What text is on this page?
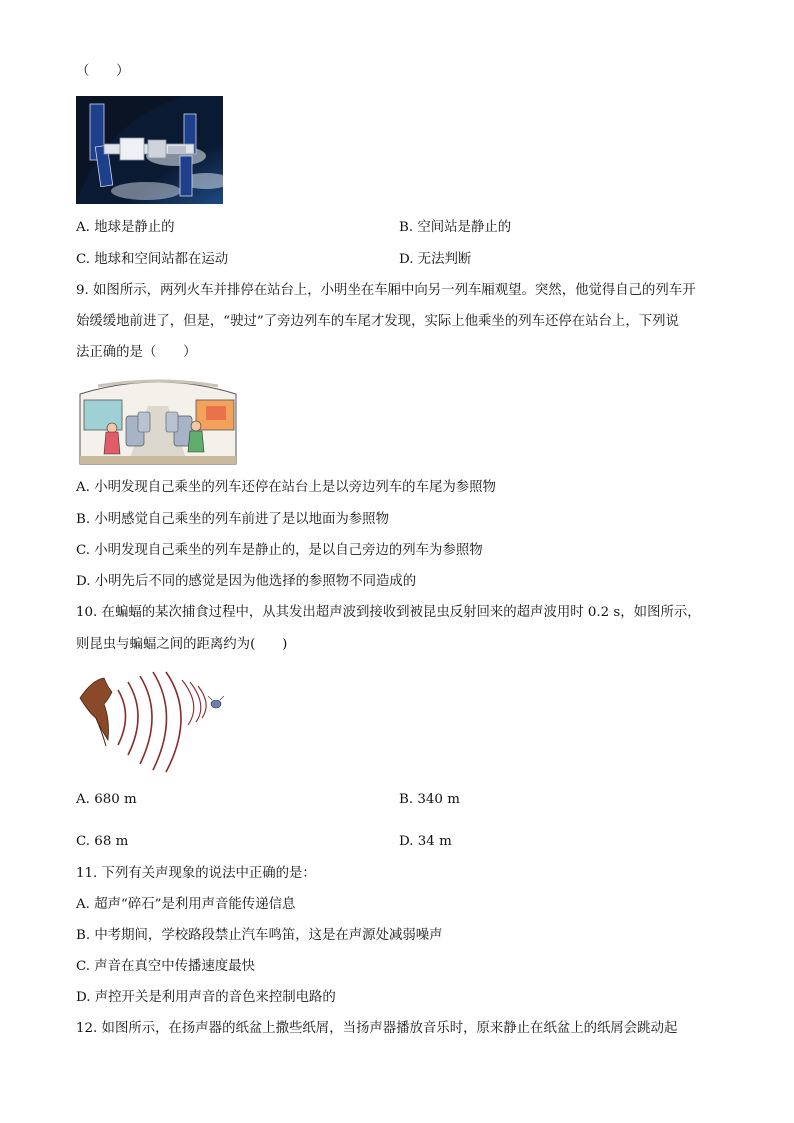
（　　）
A. 地球是静止的	B. 空间站是静止的
C. 地球和空间站都在运动	D. 无法判断
9. 如图所示，两列火车并排停在站台上，小明坐在车厢中向另一列车厢观望。突然，他觉得自己的列车开
始缓缓地前进了，但是，“驶过”了旁边列车的车尾才发现，实际上他乘坐的列车还停在站台上，下列说
法正确的是（　　）
A. 小明发现自己乘坐的列车还停在站台上是以旁边列车的车尾为参照物
B. 小明感觉自己乘坐的列车前进了是以地面为参照物
C. 小明发现自己乘坐的列车是静止的，是以自己旁边的列车为参照物
D. 小明先后不同的感觉是因为他选择的参照物不同造成的
10. 在蝙蝠的某次捕食过程中，从其发出超声波到接收到被昆虫反射回来的超声波用时 0.2 s，如图所示，
则昆虫与蝙蝠之间的距离约为(　　)
A. 680 m	B. 340 m
C. 68 m	D. 34 m
11. 下列有关声现象的说法中正确的是：
A. 超声“碎石”是利用声音能传递信息
B. 中考期间，学校路段禁止汽车鸣笛，这是在声源处减弱噪声
C. 声音在真空中传播速度最快
D. 声控开关是利用声音的音色来控制电路的
12. 如图所示，在扬声器的纸盆上撒些纸屑，当扬声器播放音乐时，原来静止在纸盆上的纸屑会跳动起
